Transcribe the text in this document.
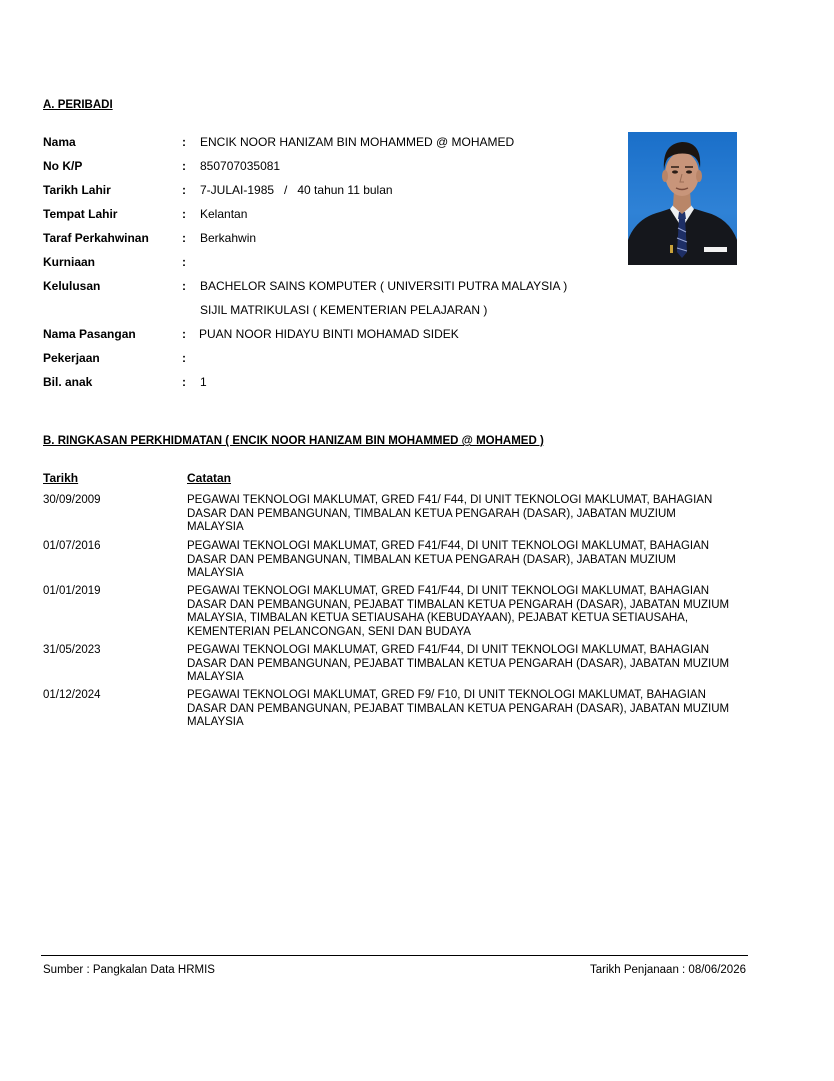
A. PERIBADI
Nama	: ENCIK NOOR HANIZAM BIN MOHAMMED @ MOHAMED
No K/P	: 850707035081
Tarikh Lahir	: 7-JULAI-1985   /   40 tahun 11 bulan
Tempat Lahir	: Kelantan
Taraf Perkahwinan	: Berkahwin
Kurniaan	:
Kelulusan	: BACHELOR SAINS KOMPUTER ( UNIVERSITI PUTRA MALAYSIA )
SIJIL MATRIKULASI ( KEMENTERIAN PELAJARAN )
Nama Pasangan	: PUAN NOOR HIDAYU BINTI MOHAMAD SIDEK
Pekerjaan	:
Bil. anak	: 1
B. RINGKASAN PERKHIDMATAN ( ENCIK NOOR HANIZAM BIN MOHAMMED @ MOHAMED )
Tarikh	Catatan
30/09/2009	PEGAWAI TEKNOLOGI MAKLUMAT, GRED F41/ F44, DI UNIT TEKNOLOGI MAKLUMAT, BAHAGIAN DASAR DAN PEMBANGUNAN, TIMBALAN KETUA PENGARAH (DASAR), JABATAN MUZIUM MALAYSIA
01/07/2016	PEGAWAI TEKNOLOGI MAKLUMAT, GRED F41/F44, DI UNIT TEKNOLOGI MAKLUMAT, BAHAGIAN DASAR DAN PEMBANGUNAN, TIMBALAN KETUA PENGARAH (DASAR), JABATAN MUZIUM MALAYSIA
01/01/2019	PEGAWAI TEKNOLOGI MAKLUMAT, GRED F41/F44, DI UNIT TEKNOLOGI MAKLUMAT, BAHAGIAN DASAR DAN PEMBANGUNAN, PEJABAT TIMBALAN KETUA PENGARAH (DASAR), JABATAN MUZIUM MALAYSIA, TIMBALAN KETUA SETIAUSAHA (KEBUDAYAAN), PEJABAT KETUA SETIAUSAHA, KEMENTERIAN PELANCONGAN, SENI DAN BUDAYA
31/05/2023	PEGAWAI TEKNOLOGI MAKLUMAT, GRED F41/F44, DI UNIT TEKNOLOGI MAKLUMAT, BAHAGIAN DASAR DAN PEMBANGUNAN, PEJABAT TIMBALAN KETUA PENGARAH (DASAR), JABATAN MUZIUM MALAYSIA
01/12/2024	PEGAWAI TEKNOLOGI MAKLUMAT, GRED F9/ F10, DI UNIT TEKNOLOGI MAKLUMAT, BAHAGIAN DASAR DAN PEMBANGUNAN, PEJABAT TIMBALAN KETUA PENGARAH (DASAR), JABATAN MUZIUM MALAYSIA
Sumber : Pangkalan Data HRMIS	Tarikh Penjanaan : 08/06/2026
